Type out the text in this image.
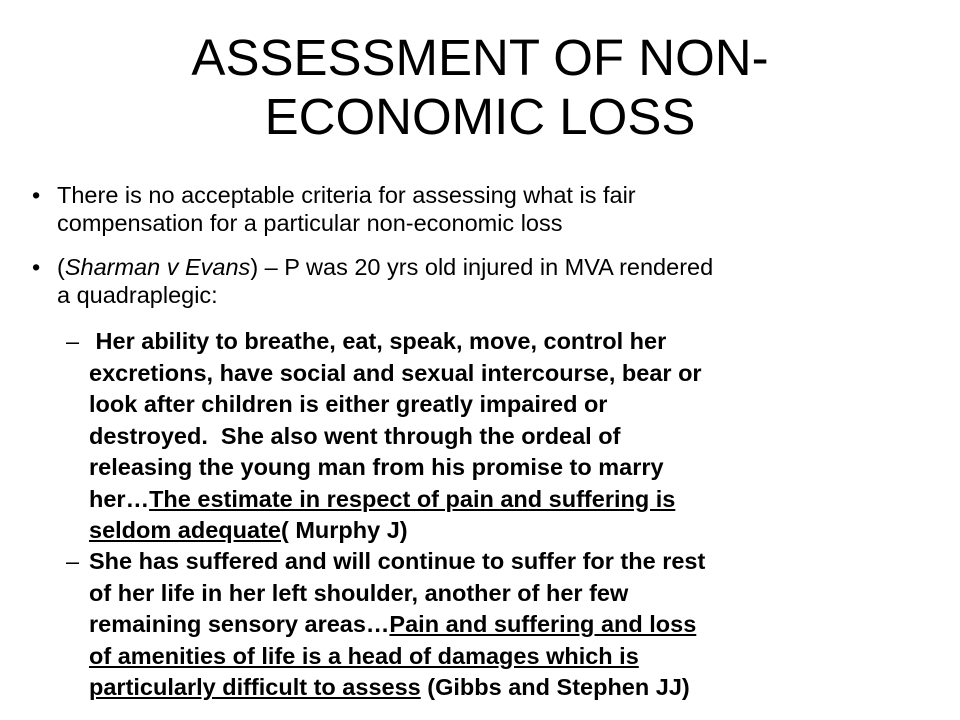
ASSESSMENT OF NON-
ECONOMIC LOSS
• There is no acceptable criteria for assessing what is fair
compensation for a particular non-economic loss
• (Sharman v Evans) – P was 20 yrs old injured in MVA rendered
a quadraplegic:
– Her ability to breathe, eat, speak, move, control her
excretions, have social and sexual intercourse, bear or
look after children is either greatly impaired or
destroyed.  She also went through the ordeal of
releasing the young man from his promise to marry
her…The estimate in respect of pain and suffering is
seldom adequate( Murphy J)
– She has suffered and will continue to suffer for the rest
of her life in her left shoulder, another of her few
remaining sensory areas…Pain and suffering and loss
of amenities of life is a head of damages which is
particularly difficult to assess (Gibbs and Stephen JJ)
